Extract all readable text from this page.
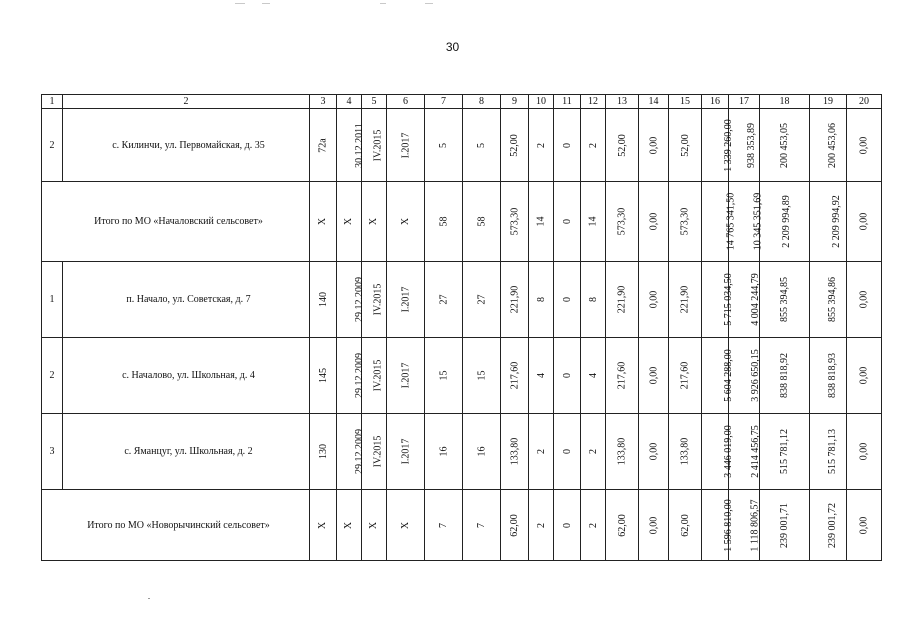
30
1	2	3	4	5	6	7	8	9	10	11	12	13	14	15	16	17	18	19	20
2	с. Килинчи, ул. Первомайская, д. 35	72а	30.12.2011	IV.2015	I.2017	5	5	52,00	2	0	2	52,00	0,00	52,00	1 339 260,00	938 353,89	200 453,05	200 453,06	0,00
Итого по МО «Началовский сельсовет»		X	X	X	X	58	58	573,30	14	0	14	573,30	0,00	573,30	14 765 341,50	10 345 351,69	2 209 994,89	2 209 994,92	0,00
1	п. Начало, ул. Советская, д. 7	140	29.12.2009	IV.2015	I.2017	27	27	221,90	8	0	8	221,90	0,00	221,90	5 715 034,50	4 004 244,79	855 394,85	855 394,86	0,00
2	с. Началово, ул. Школьная, д. 4	145	29.12.2009	IV.2015	I.2017	15	15	217,60	4	0	4	217,60	0,00	217,60	5 604 288,00	3 926 650,15	838 818,92	838 818,93	0,00
3	с. Яманцуг, ул. Школьная, д. 2	130	29.12.2009	IV.2015	I.2017	16	16	133,80	2	0	2	133,80	0,00	133,80	3 446 019,00	2 414 456,75	515 781,12	515 781,13	0,00
Итого по МО «Новорычинский сельсовет»		X	X	X	X	7	7	62,00	2	0	2	62,00	0,00	62,00	1 596 810,00	1 118 806,57	239 001,71	239 001,72	0,00
